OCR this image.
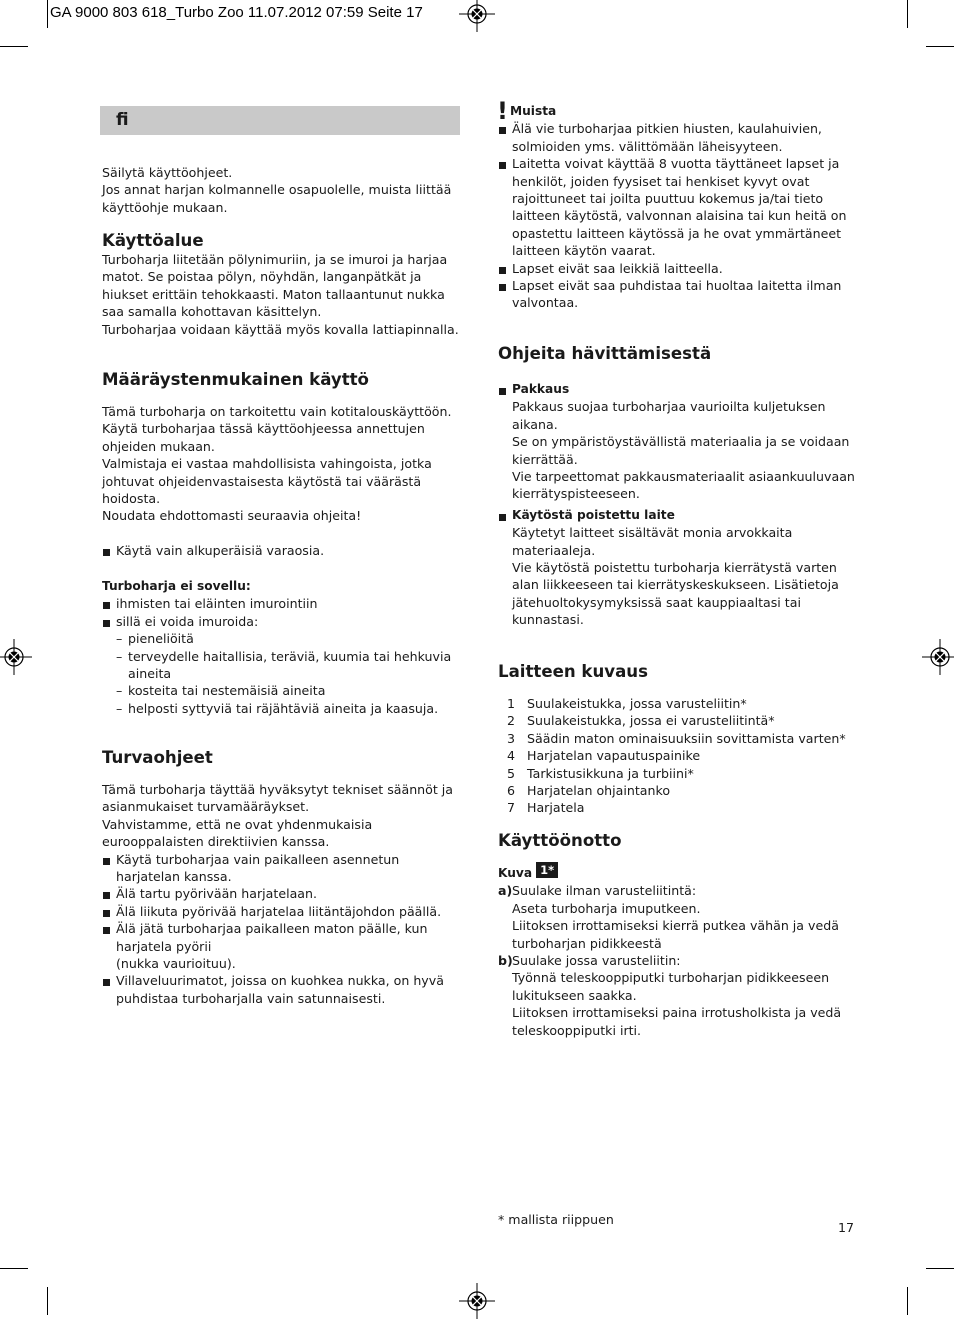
GA 9000 803 618_Turbo Zoo 11.07.2012 07:59 Seite 17
fi

Säilytä käyttöohjeet.

Jos annat harjan kolmannelle osapuolelle, muista liittää käyttöohje mukaan.

Käyttöalue

Turboharja liitetään pölynimuriin, ja se imuroi ja harjaa matot. Se poistaa pölyn, nöyhdän, langanpätkät ja hiukset erittäin tehokkaasti. Maton tallaantunut nukka saa samalla kohottavan käsittelyn.

Turboharjaa voidaan käyttää myös kovalla lattiapinnalla.

Määräystenmukainen käyttö

Tämä turboharja on tarkoitettu vain kotitalouskäyttöön. Käytä turboharjaa tässä käyttöohjeessa annettujen ohjeiden mukaan.

Valmistaja ei vastaa mahdollisista vahingoista, jotka johtuvat ohjeidenvastaisesta käytöstä tai väärästä hoidosta.

Noudata ehdottomasti seuraavia ohjeita!

Käytä vain alkuperäisiä varaosia.

Turboharja ei sovellu:

ihmisten tai eläinten imurointiin

sillä ei voida imuroida:

– pieneliöitä

– terveydelle haitallisia, teräviä, kuumia tai hehkuvia aineita

– kosteita tai nestemäisiä aineita

– helposti syttyviä tai räjähtäviä aineita ja kaasuja.

Turvaohjeet

Tämä turboharja täyttää hyväksytyt tekniset säännöt ja asianmukaiset turvamääräykset.

Vahvistamme, että ne ovat yhdenmukaisia eurooppalaisten direktiivien kanssa.

Käytä turboharjaa vain paikalleen asennetun harjatelan kanssa.

Älä tartu pyörivään harjatelaan.

Älä liikuta pyörivää harjatelaa liitäntäjohdon päällä.

Älä jätä turboharjaa paikalleen maton päälle, kun harjatela pyörii
(nukka vaurioituu).

Villaveluurimatot, joissa on kuohkea nukka, on hyvä puhdistaa turboharjalla vain satunnaisesti.

! Muista

Älä vie turboharjaa pitkien hiusten, kaulahuivien, solmioiden yms. välittömään läheisyyteen.

Laitetta voivat käyttää 8 vuotta täyttäneet lapset ja henkilöt, joiden fyysiset tai henkiset kyvyt ovat rajoittuneet tai joilta puuttuu kokemus ja/tai tieto laitteen käytöstä, valvonnan alaisina tai kun heitä on opastettu laitteen käytössä ja he ovat ymmärtäneet laitteen käytön vaarat.

Lapset eivät saa leikkiä laitteella.

Lapset eivät saa puhdistaa tai huoltaa laitetta ilman valvontaa.

Ohjeita hävittämisestä

Pakkaus
Pakkaus suojaa turboharjaa vaurioilta kuljetuksen aikana.
Se on ympäristöystävällistä materiaalia ja se voidaan kierrättää.
Vie tarpeettomat pakkausmateriaalit asiaankuuluvaan kierrätyspisteeseen.
Käytöstä poistettu laite
Käytetyt laitteet sisältävät monia arvokkaita materiaaleja.
Vie käytöstä poistettu turboharja kierrätystä varten alan liikkeeseen tai kierrätyskeskukseen. Lisätietoja jätehuoltokysymyksissä saat kauppiaaltasi tai kunnastasi.

Laitteen kuvaus

1 Suulakeistukka, jossa varusteliitin*

2 Suulakeistukka, jossa ei varusteliitintä*

3 Säädin maton ominaisuuksiin sovittamista varten*

4 Harjatelan vapautuspainike

5 Tarkistusikkuna ja turbiini*

6 Harjatelan ohjaintanko

7 Harjatela

Käyttöönotto

Kuva 1*

a) Suulake ilman varusteliitintä:
Aseta turboharja imuputkeen.
Liitoksen irrottamiseksi kierrä putkea vähän ja vedä turboharjan pidikkeestä
b) Suulake jossa varusteliitin:
Työnnä teleskooppiputki turboharjan pidikkeeseen lukitukseen saakka.
Liitoksen irrottamiseksi paina irrotusholkista ja vedä teleskooppiputki irti.
* mallista riippuen
17
